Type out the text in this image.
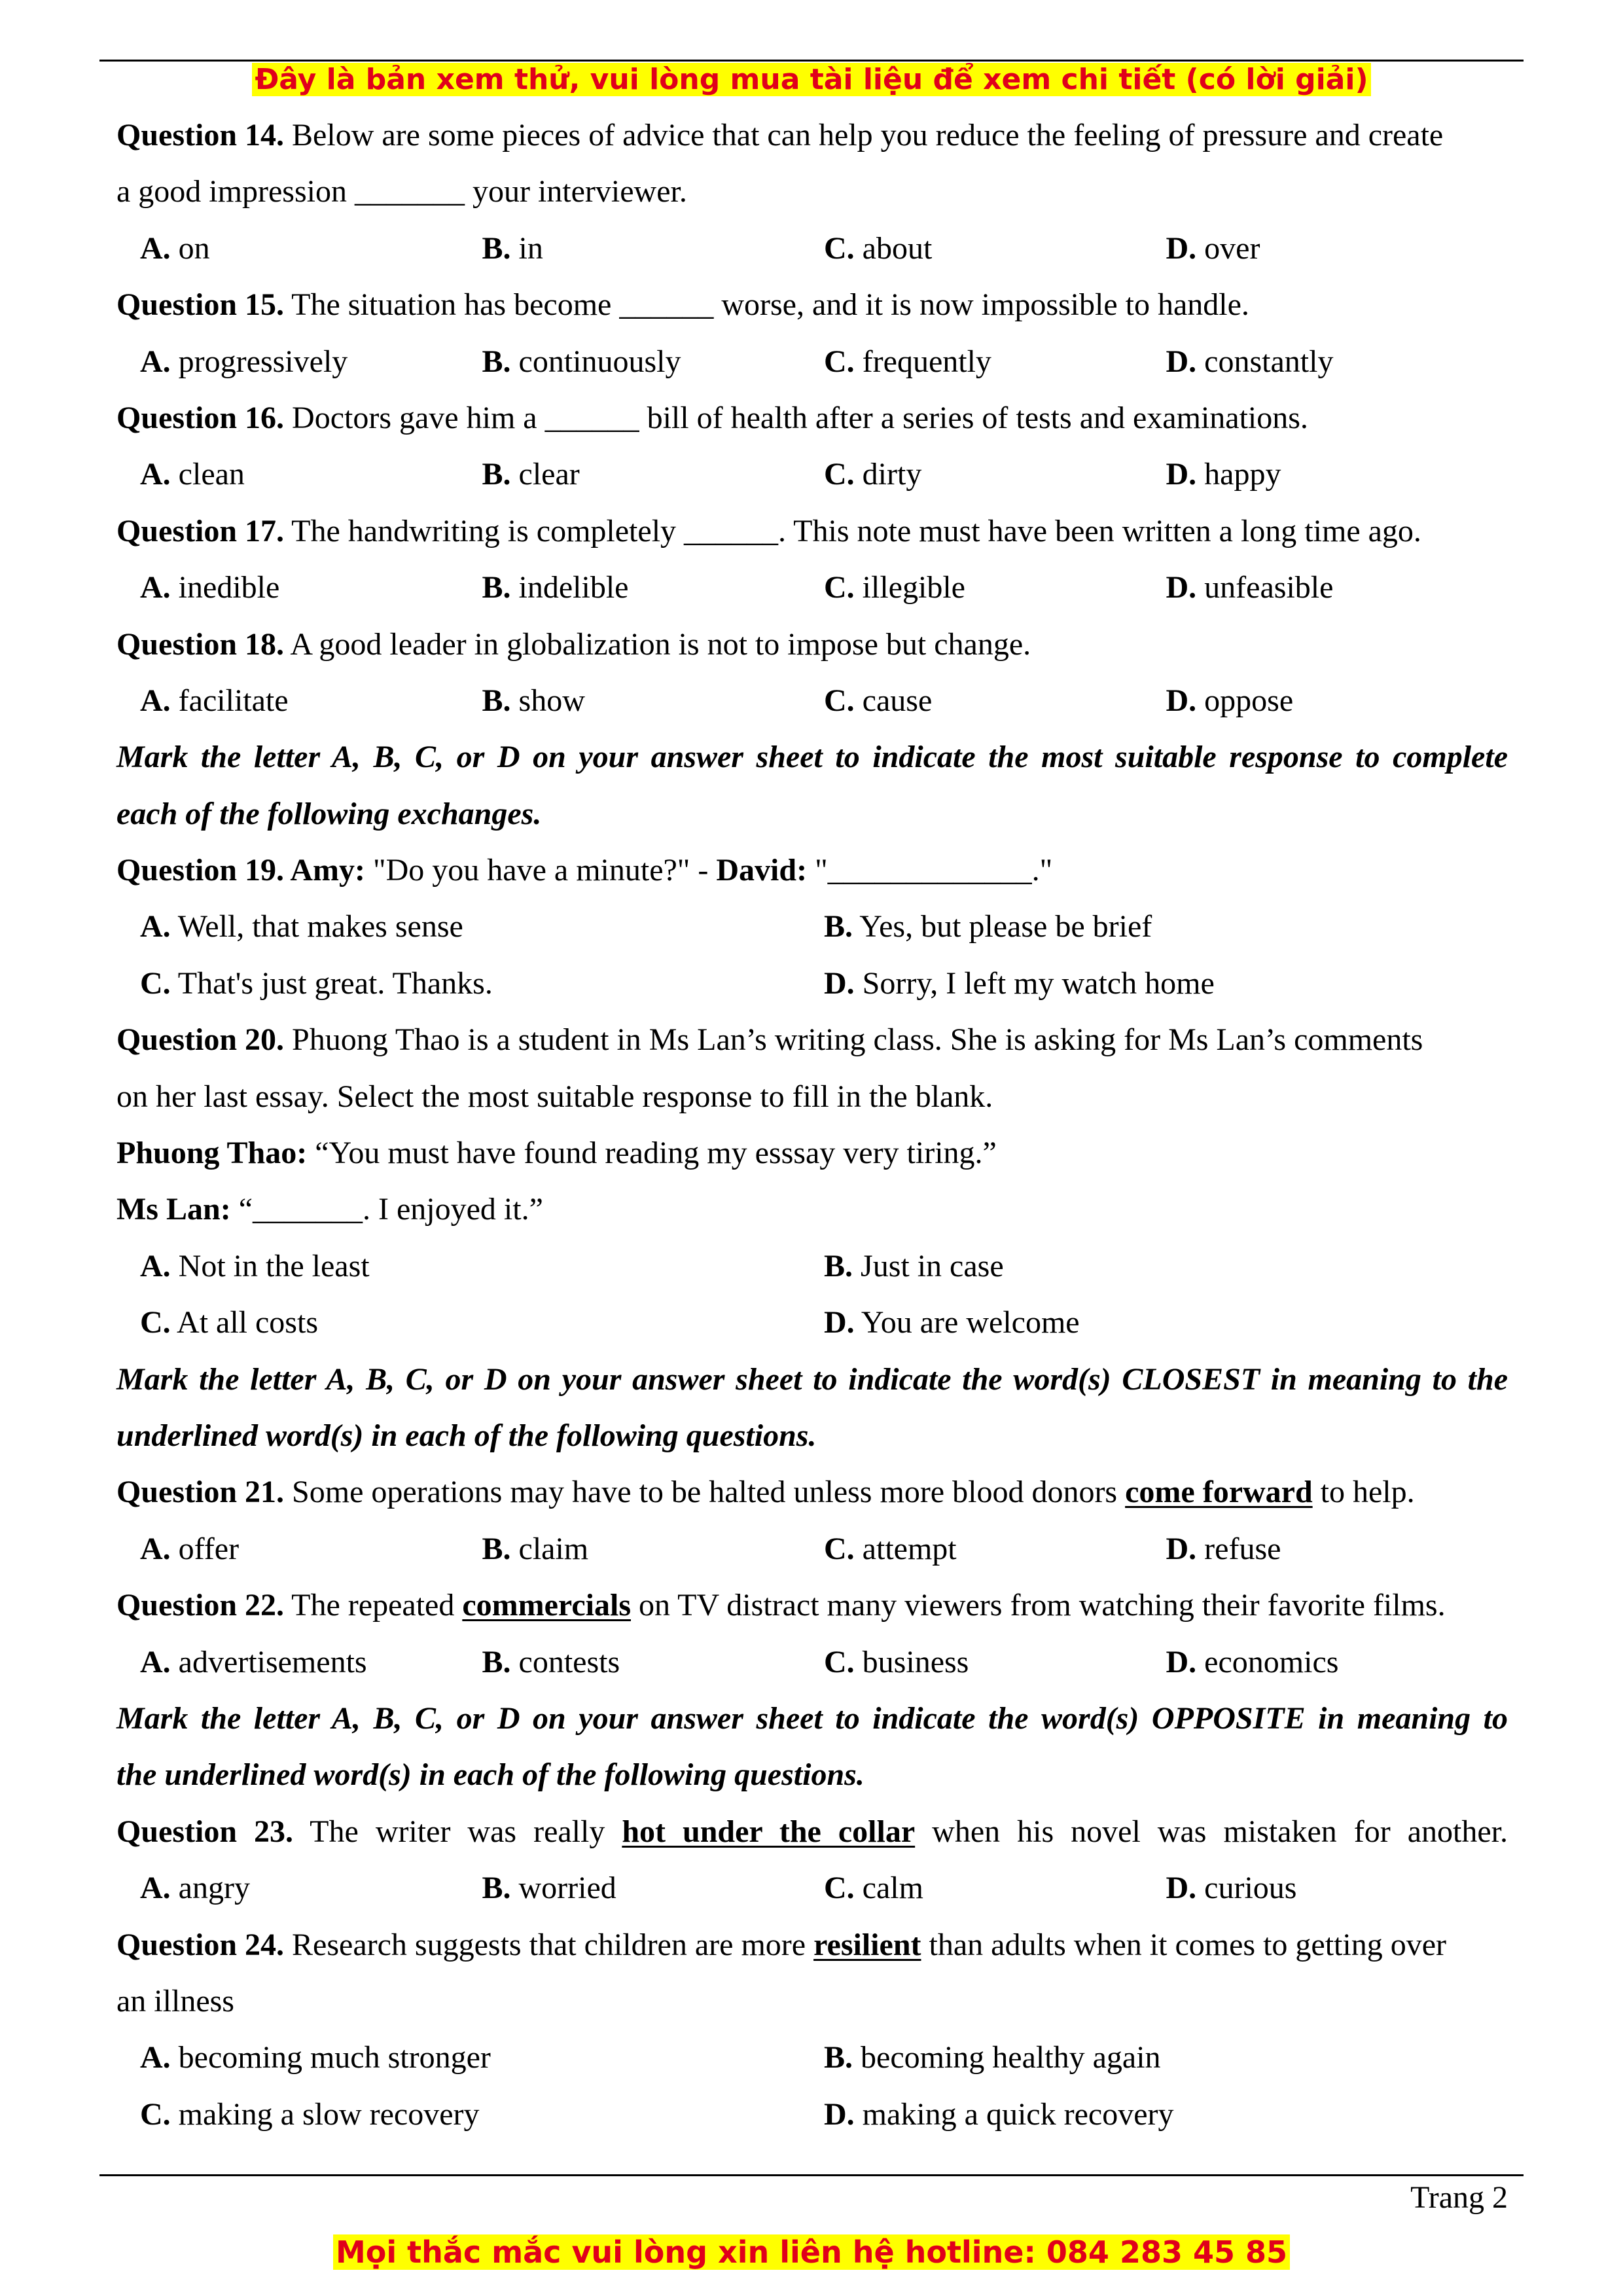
Đây là bản xem thử, vui lòng mua tài liệu để xem chi tiết (có lời giải)
Question 14. Below are some pieces of advice that can help you reduce the feeling of pressure and create
a good impression _______ your interviewer.
A. on	B. in	C. about	D. over
Question 15. The situation has become ______ worse, and it is now impossible to handle.
A. progressively	B. continuously	C. frequently	D. constantly
Question 16. Doctors gave him a ______ bill of health after a series of tests and examinations.
A. clean	B. clear	C. dirty	D. happy
Question 17. The handwriting is completely ______. This note must have been written a long time ago.
A. inedible	B. indelible	C. illegible	D. unfeasible
Question 18. A good leader in globalization is not to impose but change.
A. facilitate	B. show	C. cause	D. oppose
Mark the letter A, B, C, or D on your answer sheet to indicate the most suitable response to complete
each of the following exchanges.
Question 19. Amy: "Do you have a minute?" - David: "_____________."
A. Well, that makes sense	B. Yes, but please be brief
C. That's just great. Thanks.	D. Sorry, I left my watch home
Question 20. Phuong Thao is a student in Ms Lan’s writing class. She is asking for Ms Lan’s comments
on her last essay. Select the most suitable response to fill in the blank.
Phuong Thao: “You must have found reading my esssay very tiring.”
Ms Lan: “_______. I enjoyed it.”
A. Not in the least	B. Just in case
C. At all costs	D. You are welcome
Mark the letter A, B, C, or D on your answer sheet to indicate the word(s) CLOSEST in meaning to the
underlined word(s) in each of the following questions.
Question 21. Some operations may have to be halted unless more blood donors come forward to help.
A. offer	B. claim	C. attempt	D. refuse
Question 22. The repeated commercials on TV distract many viewers from watching their favorite films.
A. advertisements	B. contests	C. business	D. economics
Mark the letter A, B, C, or D on your answer sheet to indicate the word(s) OPPOSITE in meaning to
the underlined word(s) in each of the following questions.
Question 23. The writer was really hot under the collar when his novel was mistaken for another.
A. angry	B. worried	C. calm	D. curious
Question 24. Research suggests that children are more resilient than adults when it comes to getting over
an illness
A. becoming much stronger	B. becoming healthy again
C. making a slow recovery	D. making a quick recovery
Trang 2
Mọi thắc mắc vui lòng xin liên hệ hotline: 084 283 45 85
